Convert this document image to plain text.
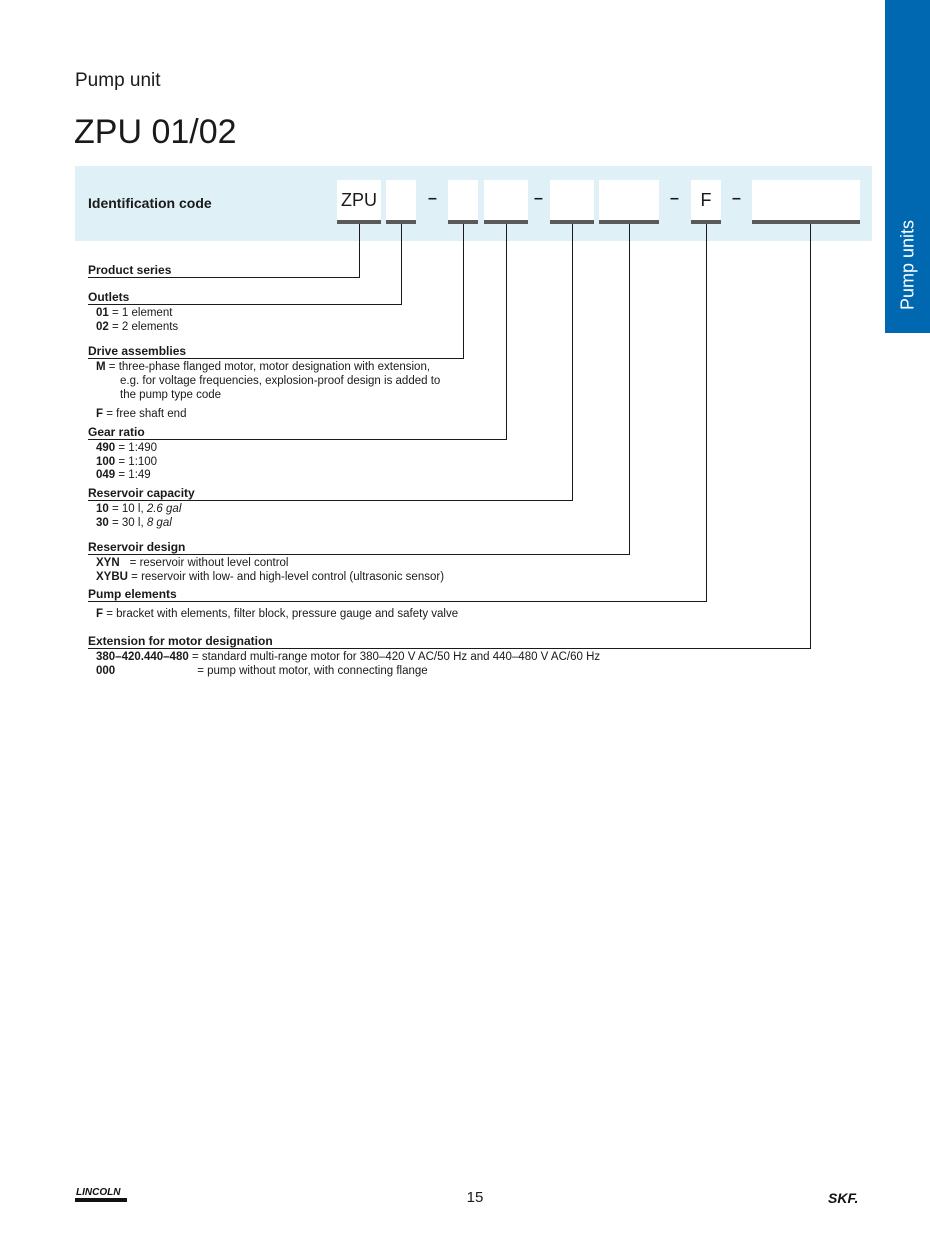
Pump units
Pump unit
ZPU 01/02
Identification code	ZPU	–	–	–	F	–
Product series
Outlets
01 = 1 element
02 = 2 elements
Drive assemblies
M = three-phase flanged motor, motor designation with extension,
e.g. for voltage frequencies, explosion-proof design is added to
the pump type code
F = free shaft end
Gear ratio
490 = 1:490
100 = 1:100
049 = 1:49
Reservoir capacity
10 = 10 l, 2.6 gal
30 = 30 l, 8 gal
Reservoir design
XYN = reservoir without level control
XYBU = reservoir with low- and high-level control (ultrasonic sensor)
Pump elements
F = bracket with elements, filter block, pressure gauge and safety valve
Extension for motor designation
380–420.440–480 = standard multi-range motor for 380–420 V AC/50 Hz and 440–480 V AC/60 Hz
000	= pump without motor, with connecting flange
LINCOLN	15	SKF.
